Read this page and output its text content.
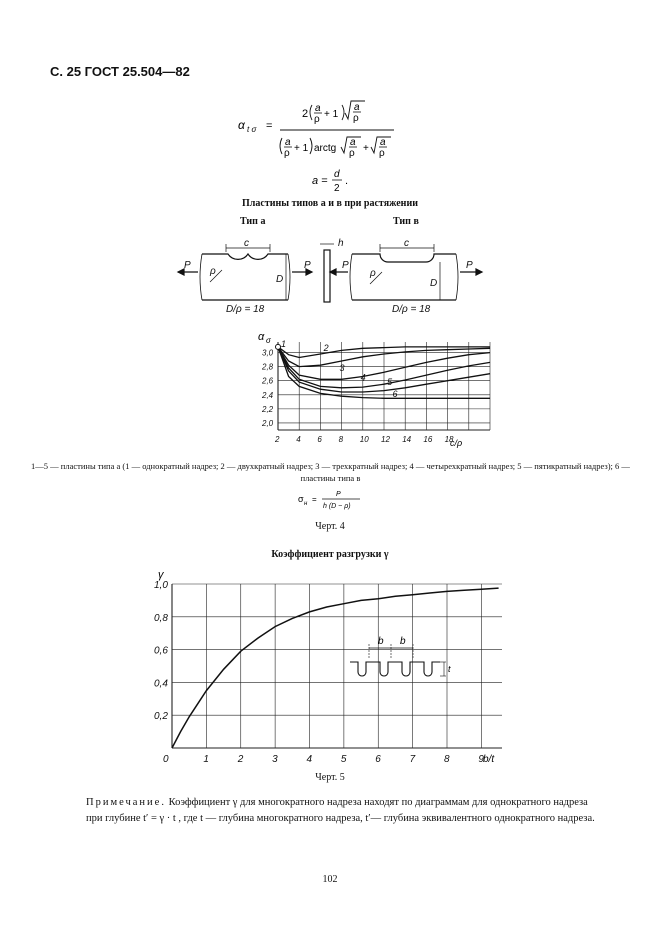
С. 25 ГОСТ 25.504—82
α t σ =
2 a
ρ + 1
a
ρ
a
ρ + 1 arctg
a
ρ +
a
ρ
a =
d
2
.
Пластины типов а и в при растяжении
Тип а	Тип в
c	h	c
P	P	P	P
ρ	ρ
D	D
D/ρ = 18	D/ρ = 18
3,0
2,8
2,6
2,4
2,2
2,0
2 4 6 8 10 12 14 16 18
1	2
3
4 5
6
α σ
c/ρ
1—5 — пластины типа а (1 — однократный надрез; 2 — двухкратный надрез; 3 — трехкратный надрез; 4 — четырехкратный надрез; 5 — пятикратный надрез); 6 — пластины типа в
σ н =
P
h (D − ρ)
Черт. 4
Коэффициент разгрузки γ
1,0
0,8
0,6
0,4
0,2
0	1	2	3	4	5	6	7	8	9
γ
b/t
b b
t
Черт. 5
Примечание. Коэффициент γ для многократного надреза находят по диаграммам для однократного надреза при глубине t′ = γ · t , где t — глубина многократного надреза, t′— глубина эквивалентного однократного надреза.
102
